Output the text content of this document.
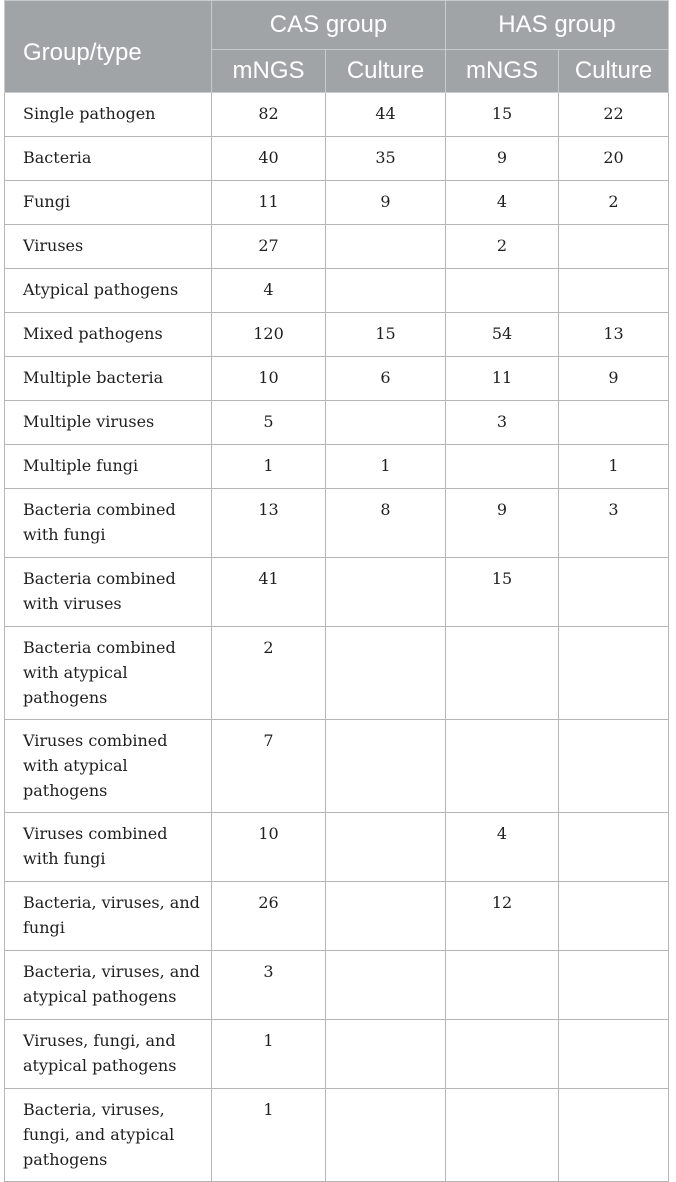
Group/type	CAS group		HAS group	
	mNGS	Culture	mNGS	Culture
Single pathogen	82	44	15	22
Bacteria	40	35	9	20
Fungi	11	9	4	2
Viruses	27		2	
Atypical pathogens	4			
Mixed pathogens	120	15	54	13
Multiple bacteria	10	6	11	9
Multiple viruses	5		3	
Multiple fungi	1	1		1
Bacteria combined with fungi	13	8	9	3
Bacteria combined with viruses	41		15	
Bacteria combined with atypical pathogens	2			
Viruses combined with atypical pathogens	7			
Viruses combined with fungi	10		4	
Bacteria, viruses, and fungi	26		12	
Bacteria, viruses, and atypical pathogens	3			
Viruses, fungi, and atypical pathogens	1			
Bacteria, viruses, fungi, and atypical pathogens	1			
